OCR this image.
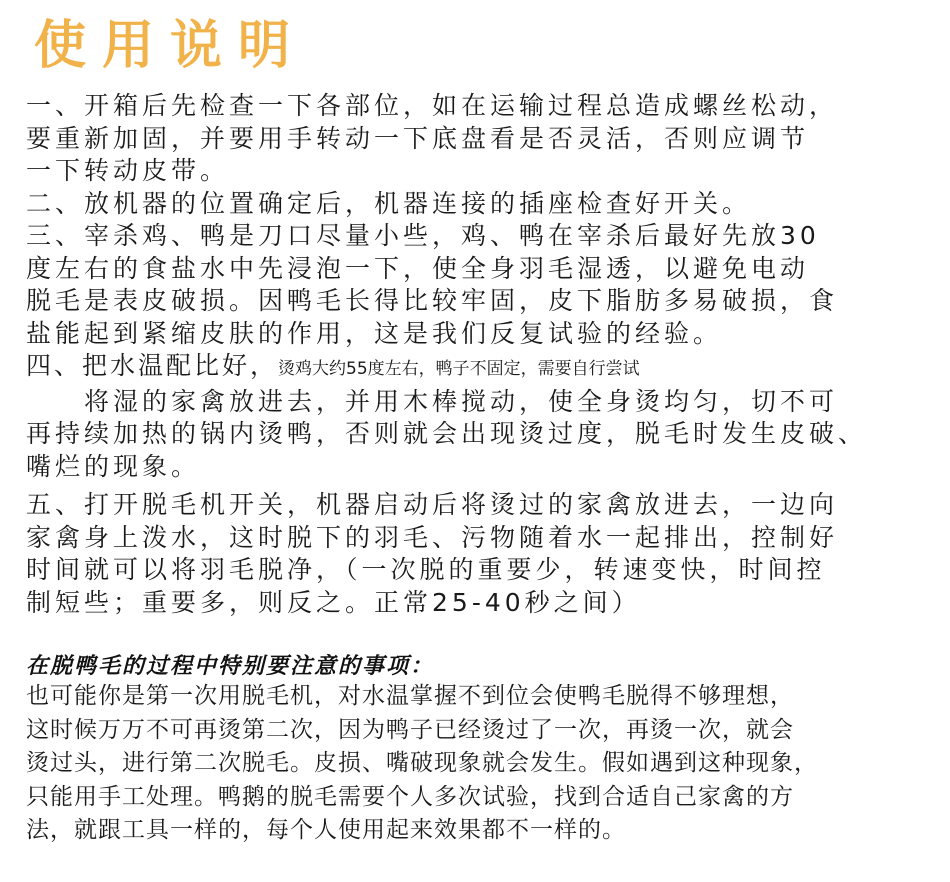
使用说明
一、开箱后先检查一下各部位，如在运输过程总造成螺丝松动，
要重新加固，并要用手转动一下底盘看是否灵活，否则应调节
一下转动皮带。
二、放机器的位置确定后，机器连接的插座检查好开关。
三、宰杀鸡、鸭是刀口尽量小些，鸡、鸭在宰杀后最好先放30
度左右的食盐水中先浸泡一下，使全身羽毛湿透，以避免电动
脱毛是表皮破损。因鸭毛长得比较牢固，皮下脂肪多易破损，食
盐能起到紧缩皮肤的作用，这是我们反复试验的经验。
四、把水温配比好，烫鸡大约55度左右，鸭子不固定，需要自行尝试
　　将湿的家禽放进去，并用木棒搅动，使全身烫均匀，切不可
再持续加热的锅内烫鸭，否则就会出现烫过度，脱毛时发生皮破、
嘴烂的现象。
五、打开脱毛机开关，机器启动后将烫过的家禽放进去，一边向
家禽身上泼水，这时脱下的羽毛、污物随着水一起排出，控制好
时间就可以将羽毛脱净，（一次脱的重要少，转速变快，时间控
制短些；重要多，则反之。正常25-40秒之间）
在脱鸭毛的过程中特别要注意的事项：
也可能你是第一次用脱毛机，对水温掌握不到位会使鸭毛脱得不够理想，
这时候万万不可再烫第二次，因为鸭子已经烫过了一次，再烫一次，就会
烫过头，进行第二次脱毛。皮损、嘴破现象就会发生。假如遇到这种现象，
只能用手工处理。鸭鹅的脱毛需要个人多次试验，找到合适自己家禽的方
法，就跟工具一样的，每个人使用起来效果都不一样的。
